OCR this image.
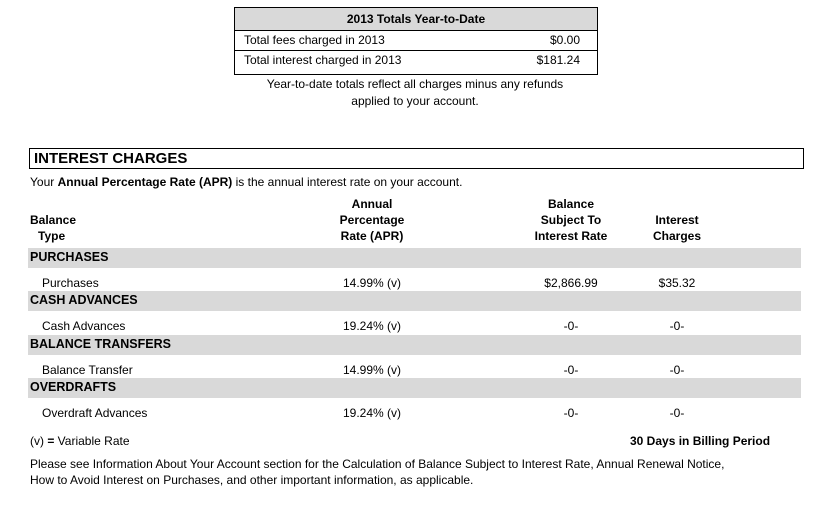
2013 Totals Year-to-Date
Total fees charged in 2013	$0.00
Total interest charged in 2013	$181.24
Year-to-date totals reflect all charges minus any refunds
applied to your account.
INTEREST CHARGES
Your Annual Percentage Rate (APR) is the annual interest rate on your account.
Balance
Type
Annual
Percentage
Rate (APR)
Balance
Subject To
Interest Rate
Interest
Charges
PURCHASES
Purchases	14.99% (v)	$2,866.99	$35.32
CASH ADVANCES
Cash Advances	19.24% (v)	-0-	-0-
BALANCE TRANSFERS
Balance Transfer	14.99% (v)	-0-	-0-
OVERDRAFTS
Overdraft Advances	19.24% (v)	-0-	-0-
(v) = Variable Rate	30 Days in Billing Period
Please see Information About Your Account section for the Calculation of Balance Subject to Interest Rate, Annual Renewal Notice,
How to Avoid Interest on Purchases, and other important information, as applicable.
